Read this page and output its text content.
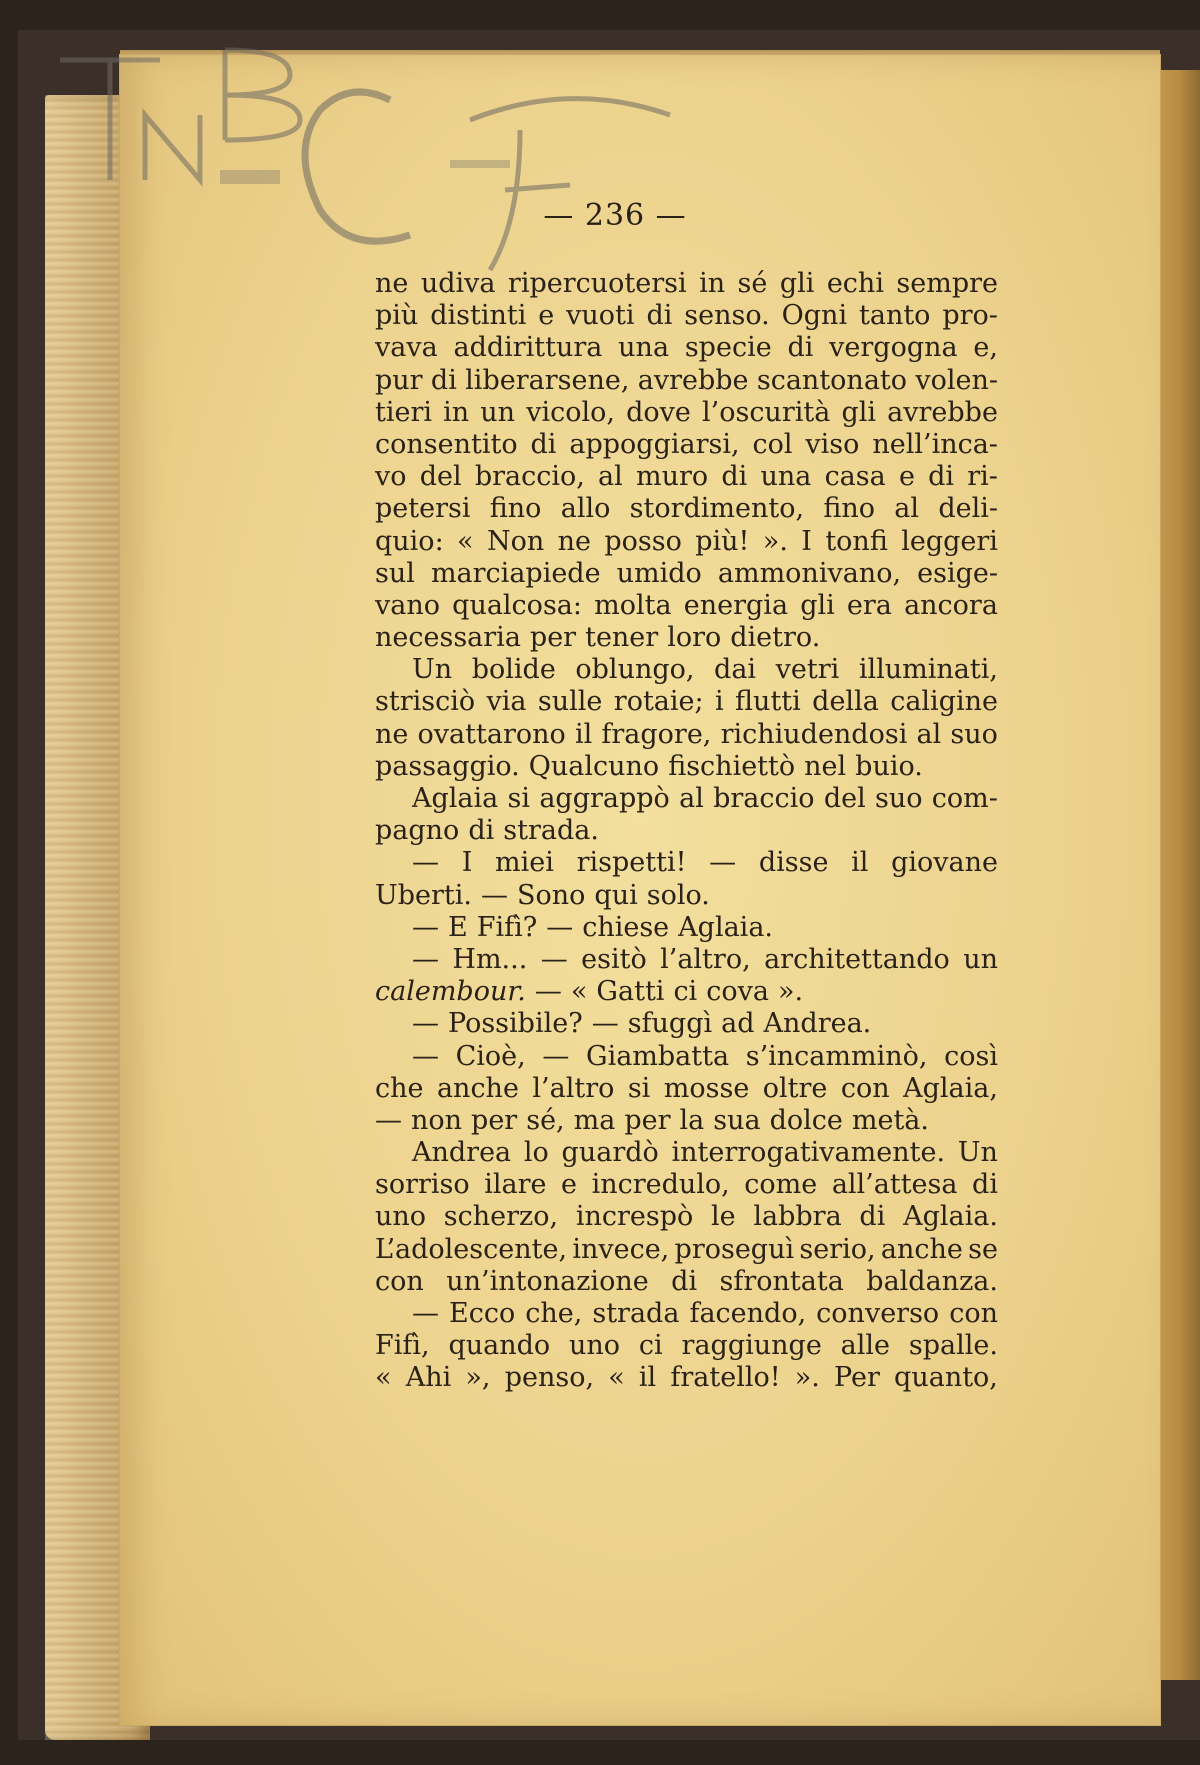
— 236 —
ne udiva ripercuotersi in sé gli echi sempre
più distinti e vuoti di senso. Ogni tanto pro-
vava addirittura una specie di vergogna e,
pur di liberarsene, avrebbe scantonato volen-
tieri in un vicolo, dove l’oscurità gli avrebbe
consentito di appoggiarsi, col viso nell’inca-
vo del braccio, al muro di una casa e di ri-
petersi fino allo stordimento, fino al deli-
quio: « Non ne posso più! ». I tonfi leggeri
sul marciapiede umido ammonivano, esige-
vano qualcosa: molta energia gli era ancora
necessaria per tener loro dietro.
Un bolide oblungo, dai vetri illuminati,
strisciò via sulle rotaie; i flutti della caligine
ne ovattarono il fragore, richiudendosi al suo
passaggio. Qualcuno fischiettò nel buio.
Aglaia si aggrappò al braccio del suo com-
pagno di strada.
— I miei rispetti! — disse il giovane
Uberti. — Sono qui solo.
— E Fifì? — chiese Aglaia.
— Hm... — esitò l’altro, architettando un
calembour. — « Gatti ci cova ».
— Possibile? — sfuggì ad Andrea.
— Cioè, — Giambatta s’incamminò, così
che anche l’altro si mosse oltre con Aglaia,
— non per sé, ma per la sua dolce metà.
Andrea lo guardò interrogativamente. Un
sorriso ilare e incredulo, come all’attesa di
uno scherzo, increspò le labbra di Aglaia.
L’adolescente, invece, proseguì serio, anche se
con un’intonazione di sfrontata baldanza.
— Ecco che, strada facendo, converso con
Fifì, quando uno ci raggiunge alle spalle.
« Ahi », penso, « il fratello! ». Per quanto,
